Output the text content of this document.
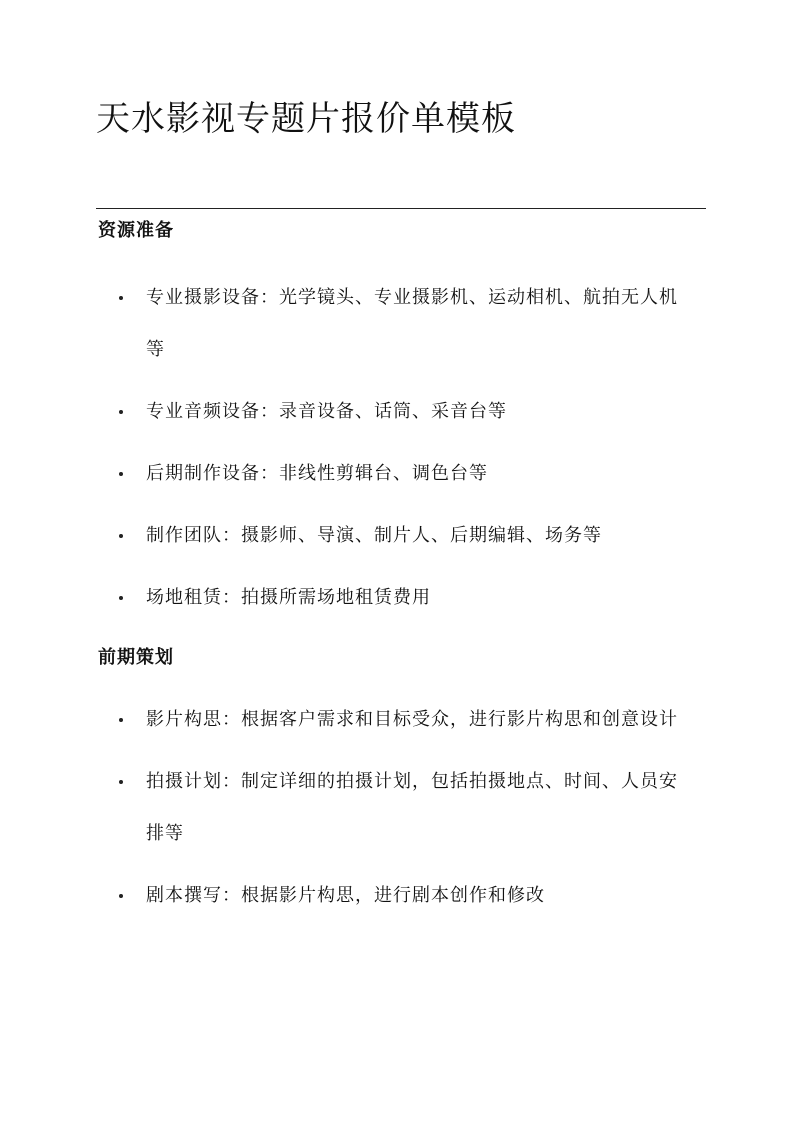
天水影视专题片报价单模板
资源准备
专业摄影设备：光学镜头、专业摄影机、运动相机、航拍无人机等
专业音频设备：录音设备、话筒、采音台等
后期制作设备：非线性剪辑台、调色台等
制作团队：摄影师、导演、制片人、后期编辑、场务等
场地租赁：拍摄所需场地租赁费用
前期策划
影片构思：根据客户需求和目标受众，进行影片构思和创意设计
拍摄计划：制定详细的拍摄计划，包括拍摄地点、时间、人员安排等
剧本撰写：根据影片构思，进行剧本创作和修改
